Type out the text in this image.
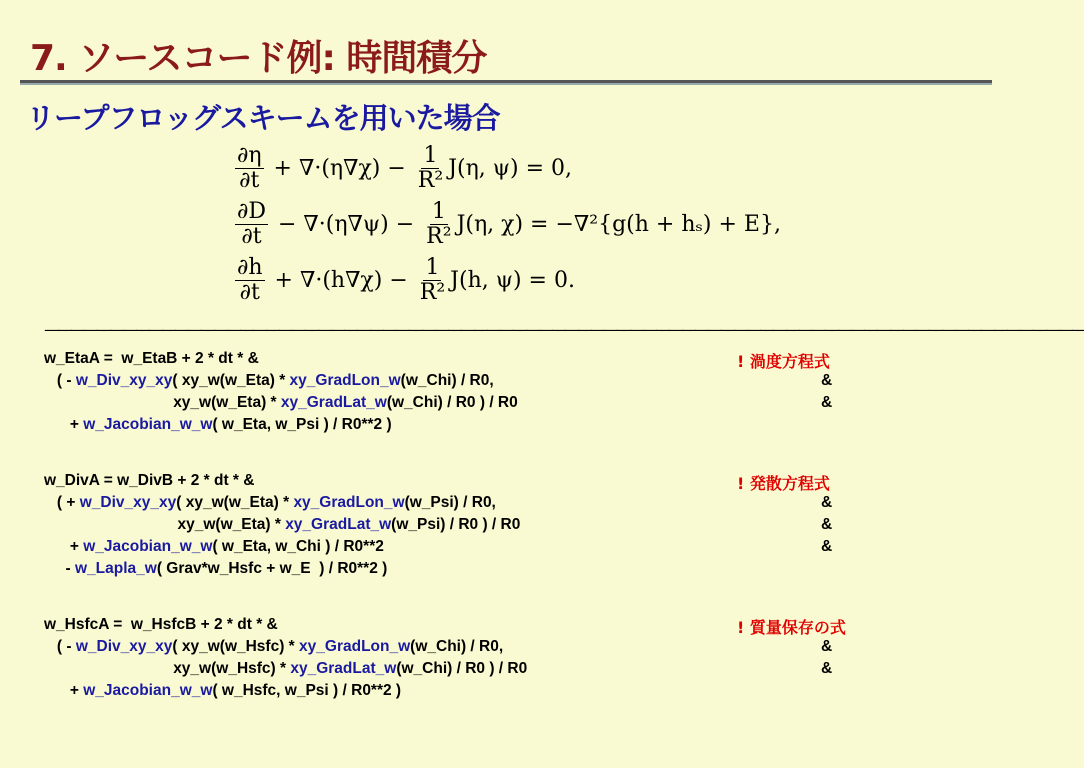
7. ソースコード例: 時間積分
リープフロッグスキームを用いた場合
$\frac{\partial\eta}{\partial t} + \nabla\cdot(\eta\nabla\chi) - \frac{1}{\text{R²}} J(\eta$, ψ) = 0,
$\frac{\partial D}{\partial t} - \nabla\cdot(\eta\nabla\psi) - \frac{1}{\text{R²}} J(\eta$, χ) = −∇²{g(h + hₛ) + E},
$\frac{\partial h}{\partial t} + \nabla\cdot(h\nabla\chi) - \frac{1}{\text{R²}} J(h$, ψ) = 0.
————————————————————————————————————————————————————————————————————————————————
w_EtaA =  w_EtaB + 2 * dt * &
( - w_Div_xy_xy( xy_w(w_Eta) * xy_GradLon_w(w_Chi) / R0,	&
xy_w(w_Eta) * xy_GradLat_w(w_Chi) / R0 ) / R0	&
+ w_Jacobian_w_w( w_Eta, w_Psi ) / R0**2 )
! 渦度方程式
w_DivA = w_DivB + 2 * dt * &
( + w_Div_xy_xy( xy_w(w_Eta) * xy_GradLon_w(w_Psi) / R0,	&
xy_w(w_Eta) * xy_GradLat_w(w_Psi) / R0 ) / R0	&
+ w_Jacobian_w_w( w_Eta, w_Chi ) / R0**2	&
- w_Lapla_w( Grav*w_Hsfc + w_E  ) / R0**2 )
! 発散方程式
w_HsfcA =  w_HsfcB + 2 * dt * &
( - w_Div_xy_xy( xy_w(w_Hsfc) * xy_GradLon_w(w_Chi) / R0,	&
xy_w(w_Hsfc) * xy_GradLat_w(w_Chi) / R0 ) / R0	&
+ w_Jacobian_w_w( w_Hsfc, w_Psi ) / R0**2 )
! 質量保存の式
